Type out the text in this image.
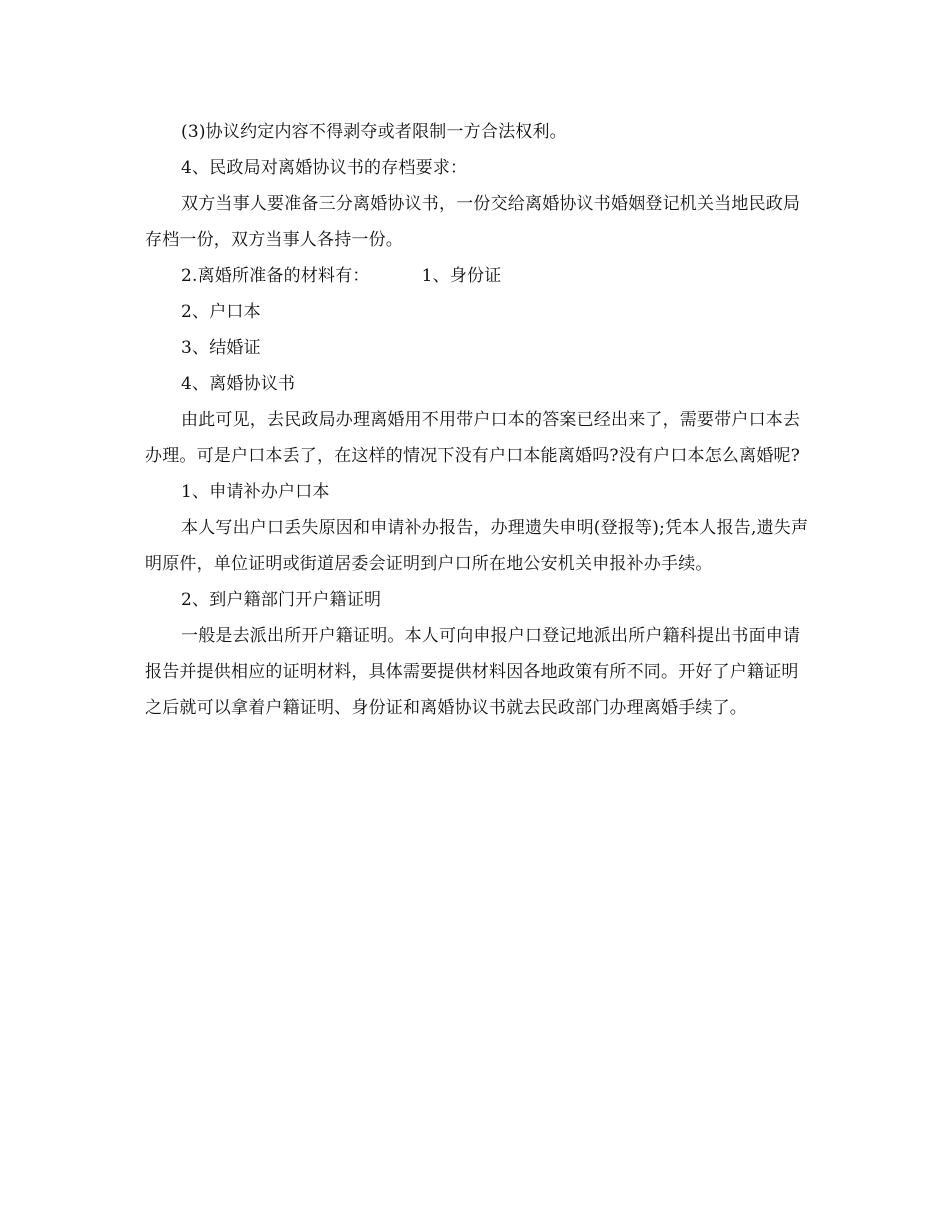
(3)协议约定内容不得剥夺或者限制一方合法权利。

4、民政局对离婚协议书的存档要求：

双方当事人要准备三分离婚协议书，一份交给离婚协议书婚姻登记机关当地民政局存档一份，双方当事人各持一份。

2.离婚所准备的材料有：	1、身份证

2、户口本

3、结婚证

4、离婚协议书

由此可见，去民政局办理离婚用不用带户口本的答案已经出来了，需要带户口本去办理。可是户口本丢了，在这样的情况下没有户口本能离婚吗?没有户口本怎么离婚呢?

1、申请补办户口本

本人写出户口丢失原因和申请补办报告，办理遗失申明(登报等);凭本人报告,遗失声明原件，单位证明或街道居委会证明到户口所在地公安机关申报补办手续。

2、到户籍部门开户籍证明

一般是去派出所开户籍证明。本人可向申报户口登记地派出所户籍科提出书面申请报告并提供相应的证明材料，具体需要提供材料因各地政策有所不同。开好了户籍证明之后就可以拿着户籍证明、身份证和离婚协议书就去民政部门办理离婚手续了。
